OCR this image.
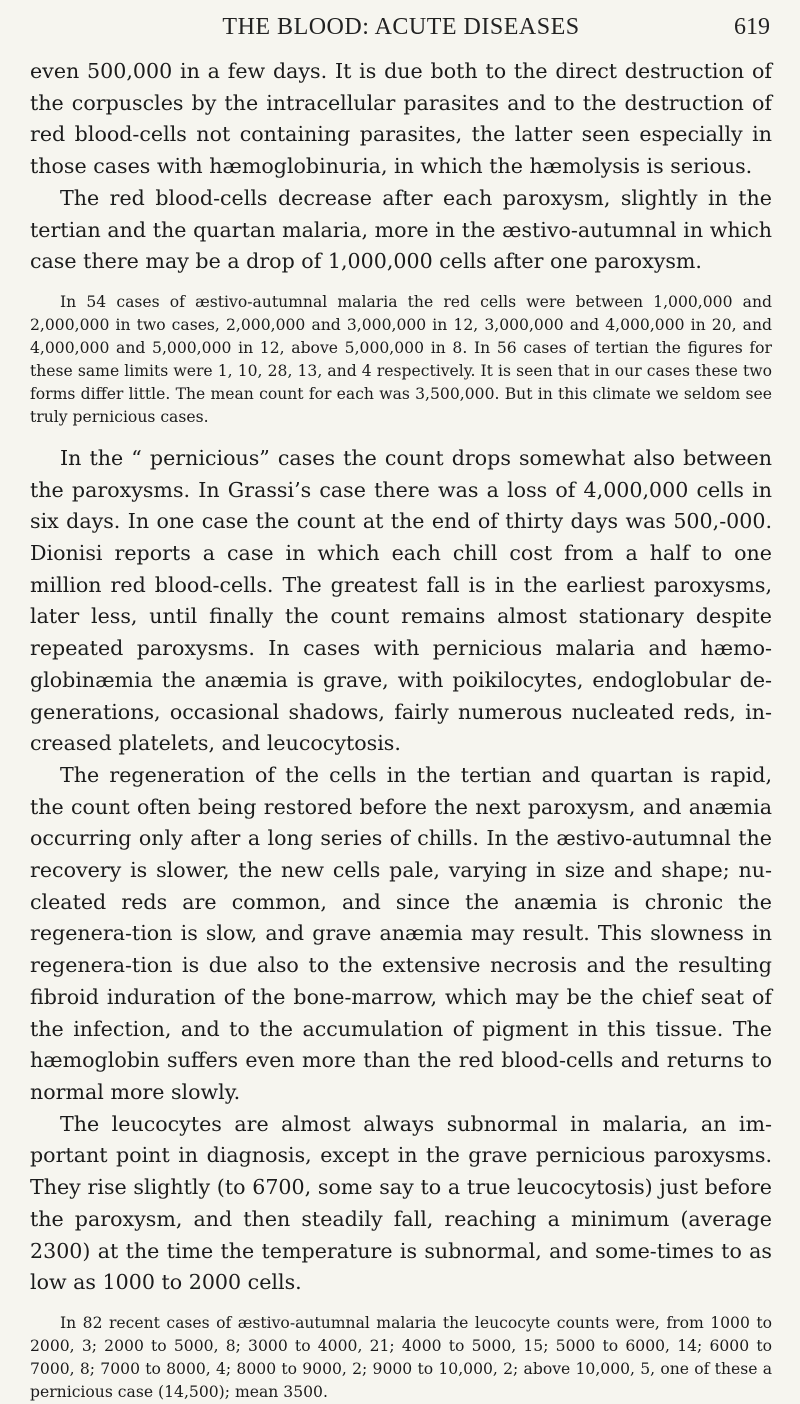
THE BLOOD: ACUTE DISEASES	619

even 500,000 in a few days. It is due both to the direct destruction of the corpuscles by the intracellular parasites and to the destruction of red blood-cells not containing parasites, the latter seen especially in those cases with hæmoglobinuria, in which the hæmolysis is serious.

The red blood-cells decrease after each paroxysm, slightly in the tertian and the quartan malaria, more in the æstivo-autumnal in which case there may be a drop of 1,000,000 cells after one paroxysm.

In 54 cases of æstivo-autumnal malaria the red cells were between 1,000,000 and 2,000,000 in two cases, 2,000,000 and 3,000,000 in 12, 3,000,000 and 4,000,000 in 20, and 4,000,000 and 5,000,000 in 12, above 5,000,000 in 8. In 56 cases of tertian the figures for these same limits were 1, 10, 28, 13, and 4 respectively. It is seen that in our cases these two forms differ little. The mean count for each was 3,500,000. But in this climate we seldom see truly pernicious cases.

In the “ pernicious” cases the count drops somewhat also between the paroxysms. In Grassi’s case there was a loss of 4,000,000 cells in six days. In one case the count at the end of thirty days was 500,-000. Dionisi reports a case in which each chill cost from a half to one million red blood-cells. The greatest fall is in the earliest paroxysms, later less, until finally the count remains almost stationary despite repeated paroxysms. In cases with pernicious malaria and hæmo-globinæmia the anæmia is grave, with poikilocytes, endoglobular de-generations, occasional shadows, fairly numerous nucleated reds, in-creased platelets, and leucocytosis.

The regeneration of the cells in the tertian and quartan is rapid, the count often being restored before the next paroxysm, and anæmia occurring only after a long series of chills. In the æstivo-autumnal the recovery is slower, the new cells pale, varying in size and shape; nu-cleated reds are common, and since the anæmia is chronic the regenera-tion is slow, and grave anæmia may result. This slowness in regenera-tion is due also to the extensive necrosis and the resulting fibroid induration of the bone-marrow, which may be the chief seat of the infection, and to the accumulation of pigment in this tissue. The hæmoglobin suffers even more than the red blood-cells and returns to normal more slowly.

The leucocytes are almost always subnormal in malaria, an im-portant point in diagnosis, except in the grave pernicious paroxysms. They rise slightly (to 6700, some say to a true leucocytosis) just before the paroxysm, and then steadily fall, reaching a minimum (average 2300) at the time the temperature is subnormal, and some-times to as low as 1000 to 2000 cells.

In 82 recent cases of æstivo-autumnal malaria the leucocyte counts were, from 1000 to 2000, 3; 2000 to 5000, 8; 3000 to 4000, 21; 4000 to 5000, 15; 5000 to 6000, 14; 6000 to 7000, 8; 7000 to 8000, 4; 8000 to 9000, 2; 9000 to 10,000, 2; above 10,000, 5, one of these a pernicious case (14,500); mean 3500.
